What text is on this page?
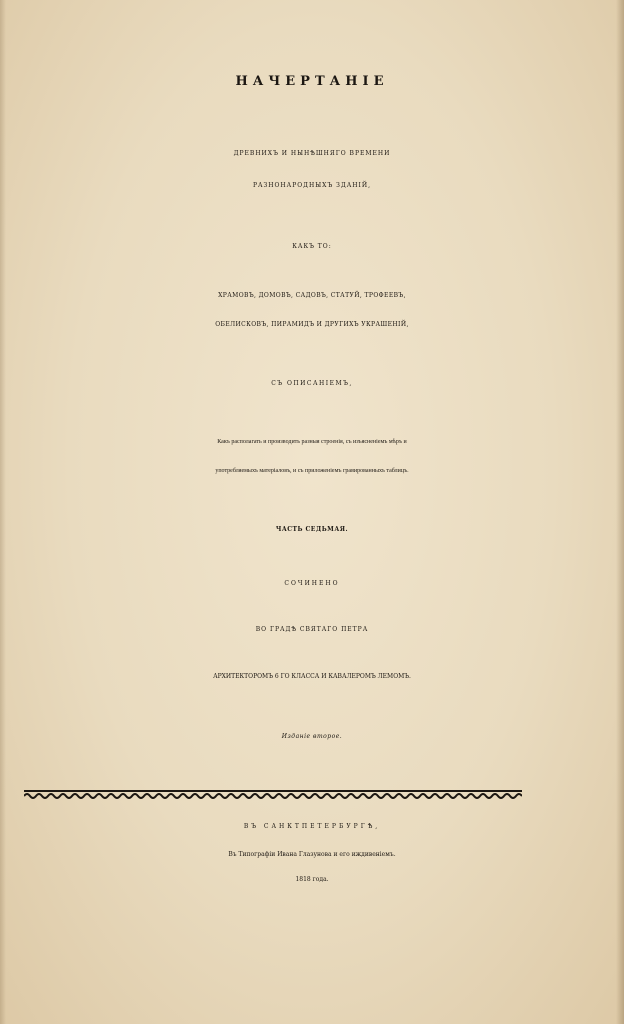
НАЧЕРТАНIЕ
ДРЕВНИХЪ И НЫНѢШНЯГО ВРЕМЕНИ
РАЗНОНАРОДНЫХЪ ЗДАНIЙ,
КАКЪ ТО:
ХРАМОВЪ, ДОМОВЪ, САДОВЪ, СТАТУЙ, ТРОФЕЕВЪ,
ОБЕЛИСКОВЪ, ПИРАМИДЪ И ДРУГИХЪ УКРАШЕНIЙ,
СЪ ОПИСАНIЕМЪ,
Какъ располагать и производить разныя строенія, съ изъясненіемъ мѣръ и
употребляемыхъ матеріаловъ, и съ приложеніемъ гравированныхъ таблицъ.
ЧАСТЬ СЕДЬМАЯ.
СОЧИНЕНО
ВО ГРАДѢ СВЯТАГО ПЕТРА
АРХИТЕКТОРОМЪ 6 ГО КЛАССА И КАВАЛЕРОМЪ ЛЕМОМЪ.
Изданіе второе.
ВЪ САНКТПЕТЕРБУРГѢ,
Въ Типографіи Ивана Глазунова и его иждивеніемъ.
1818 года.
